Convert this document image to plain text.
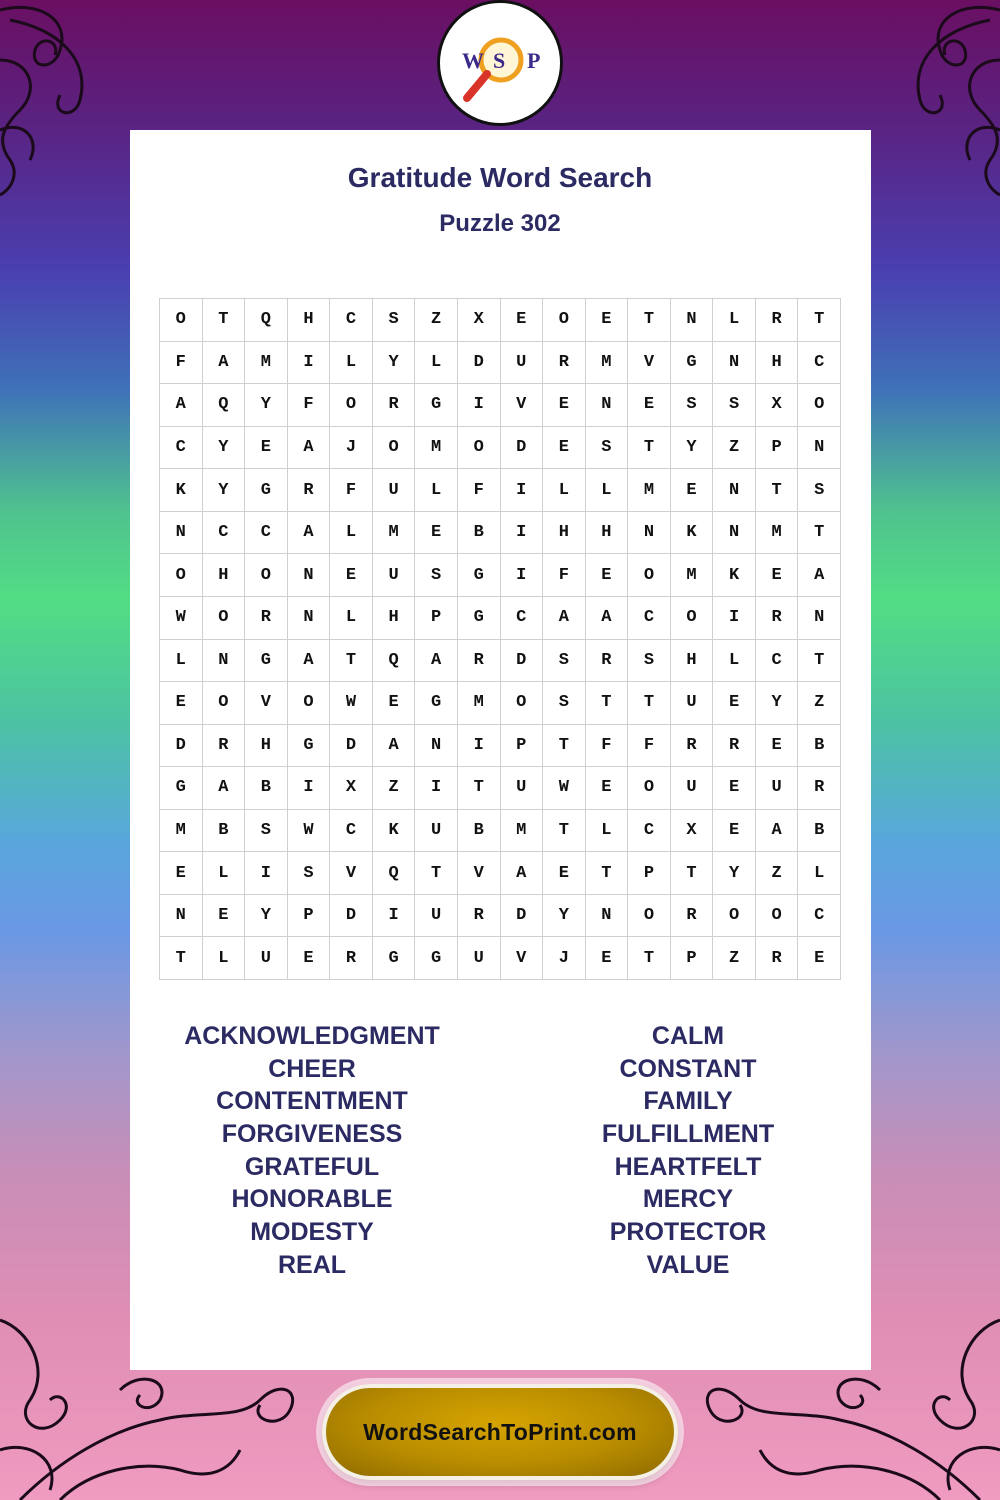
W S P
Gratitude Word Search
Puzzle 302
O	T	Q	H	C	S	Z	X	E	O	E	T	N	L	R	T
F	A	M	I	L	Y	L	D	U	R	M	V	G	N	H	C
A	Q	Y	F	O	R	G	I	V	E	N	E	S	S	X	O
C	Y	E	A	J	O	M	O	D	E	S	T	Y	Z	P	N
K	Y	G	R	F	U	L	F	I	L	L	M	E	N	T	S
N	C	C	A	L	M	E	B	I	H	H	N	K	N	M	T
O	H	O	N	E	U	S	G	I	F	E	O	M	K	E	A
W	O	R	N	L	H	P	G	C	A	A	C	O	I	R	N
L	N	G	A	T	Q	A	R	D	S	R	S	H	L	C	T
E	O	V	O	W	E	G	M	O	S	T	T	U	E	Y	Z
D	R	H	G	D	A	N	I	P	T	F	F	R	R	E	B
G	A	B	I	X	Z	I	T	U	W	E	O	U	E	U	R
M	B	S	W	C	K	U	B	M	T	L	C	X	E	A	B
E	L	I	S	V	Q	T	V	A	E	T	P	T	Y	Z	L
N	E	Y	P	D	I	U	R	D	Y	N	O	R	O	O	C
T	L	U	E	R	G	G	U	V	J	E	T	P	Z	R	E
ACKNOWLEDGMENT
CHEER
CONTENTMENT
FORGIVENESS
GRATEFUL
HONORABLE
MODESTY
REAL
CALM
CONSTANT
FAMILY
FULFILLMENT
HEARTFELT
MERCY
PROTECTOR
VALUE
WordSearchToPrint.com
